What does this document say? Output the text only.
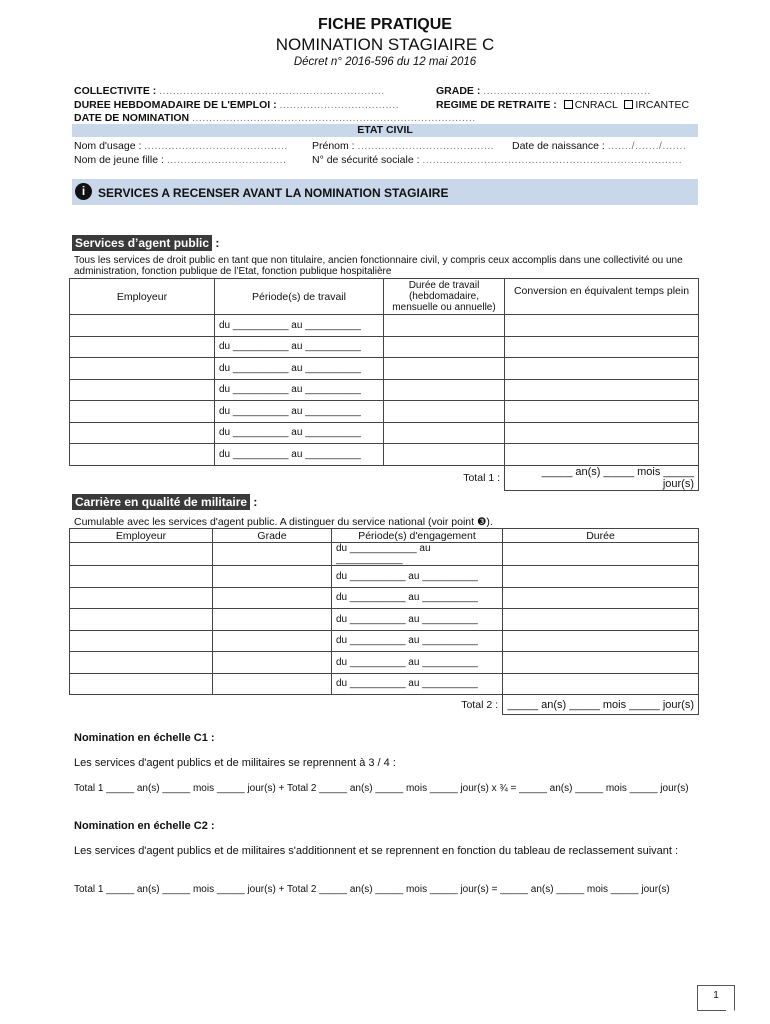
FICHE PRATIQUE
NOMINATION STAGIAIRE C
Décret n° 2016-596 du 12 mai 2016
COLLECTIVITE : ..................................................................	GRADE : .................................................
DUREE HEBDOMADAIRE DE L'EMPLOI : ...................................	REGIME DE RETRAITE : CNRACL IRCANTEC
DATE DE NOMINATION ...................................................................................
ETAT CIVIL
Nom d'usage : .......................................... Prénom : ........................................ Date de naissance : ......./......./.......
Nom de jeune fille : ................................... N° de sécurité sociale : ............................................................................
i	SERVICES A RECENSER AVANT LA NOMINATION STAGIAIRE
Services d’agent public :
Tous les services de droit public en tant que non titulaire, ancien fonctionnaire civil, y compris ceux accomplis dans une collectivité ou une administration, fonction publique de l’Etat, fonction publique hospitalière
Employeur	Période(s) de travail	Durée de travail (hebdomadaire, mensuelle ou annuelle)	Conversion en équivalent temps plein
	du __________ au __________		
	du __________ au __________		
	du __________ au __________		
	du __________ au __________		
	du __________ au __________		
	du __________ au __________		
	du __________ au __________		
		Total 1 :	_____ an(s) _____ mois _____ jour(s)
Carrière en qualité de militaire :
Cumulable avec les services d'agent public. A distinguer du service national (voir point ❸).
Employeur	Grade	Période(s) d'engagement	Durée
		du ____________ au ____________	
		du __________ au __________	
		du __________ au __________	
		du __________ au __________	
		du __________ au __________	
		du __________ au __________	
		du __________ au __________	
		Total 2 :	_____ an(s) _____ mois _____ jour(s)
Nomination en échelle C1 :
Les services d'agent publics et de militaires se reprennent à 3 / 4 :
Total 1 _____ an(s) _____ mois _____ jour(s) + Total 2 _____ an(s) _____ mois _____ jour(s) x ¾ = _____ an(s) _____ mois _____ jour(s)
Nomination en échelle C2 :
Les services d'agent publics et de militaires s'additionnent et se reprennent en fonction du tableau de reclassement suivant :
Total 1 _____ an(s) _____ mois _____ jour(s) + Total 2 _____ an(s) _____ mois _____ jour(s) = _____ an(s) _____ mois _____ jour(s)
1
